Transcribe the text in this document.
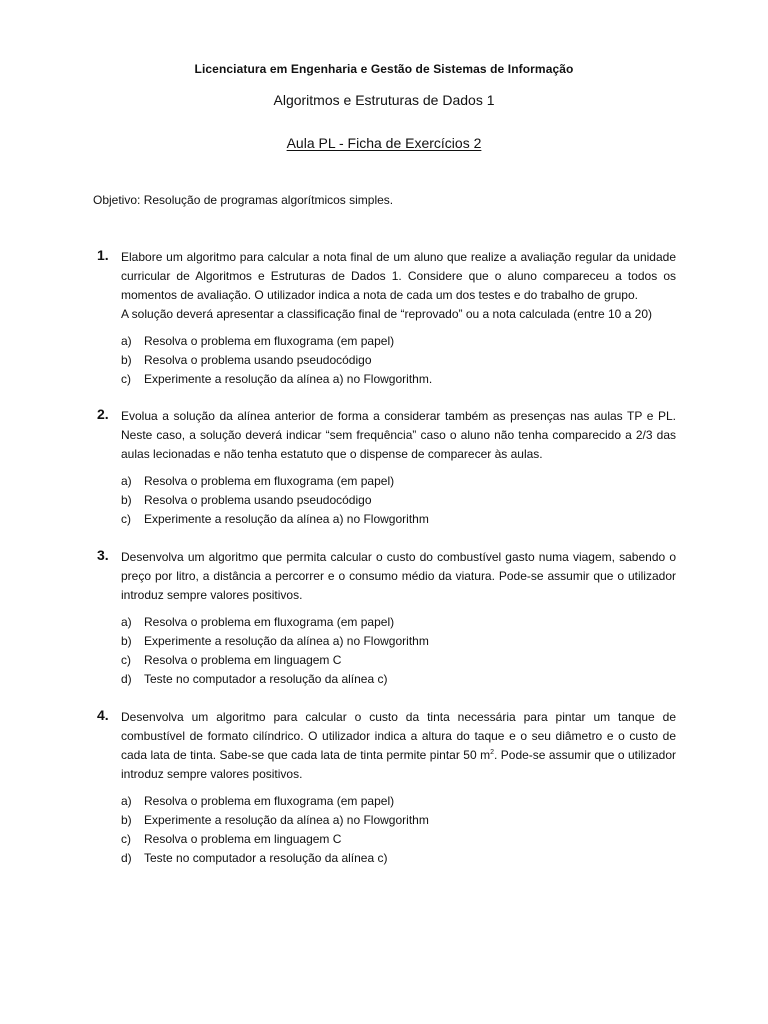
Licenciatura em Engenharia e Gestão de Sistemas de Informação
Algoritmos e Estruturas de Dados 1
Aula PL - Ficha de Exercícios 2
Objetivo: Resolução de programas algorítmicos simples.
1. Elabore um algoritmo para calcular a nota final de um aluno que realize a avaliação regular da unidade curricular de Algoritmos e Estruturas de Dados 1. Considere que o aluno compareceu a todos os momentos de avaliação. O utilizador indica a nota de cada um dos testes e do trabalho de grupo.
A solução deverá apresentar a classificação final de “reprovado” ou a nota calculada (entre 10 a 20)
a) Resolva o problema em fluxograma (em papel)
b) Resolva o problema usando pseudocódigo
c) Experimente a resolução da alínea a) no Flowgorithm.
2. Evolua a solução da alínea anterior de forma a considerar também as presenças nas aulas TP e PL. Neste caso, a solução deverá indicar “sem frequência” caso o aluno não tenha comparecido a 2/3 das aulas lecionadas e não tenha estatuto que o dispense de comparecer às aulas.
a) Resolva o problema em fluxograma (em papel)
b) Resolva o problema usando pseudocódigo
c) Experimente a resolução da alínea a) no Flowgorithm
3. Desenvolva um algoritmo que permita calcular o custo do combustível gasto numa viagem, sabendo o preço por litro, a distância a percorrer e o consumo médio da viatura. Pode-se assumir que o utilizador introduz sempre valores positivos.
a) Resolva o problema em fluxograma (em papel)
b) Experimente a resolução da alínea a) no Flowgorithm
c) Resolva o problema em linguagem C
d) Teste no computador a resolução da alínea c)
4. Desenvolva um algoritmo para calcular o custo da tinta necessária para pintar um tanque de combustível de formato cilíndrico. O utilizador indica a altura do taque e o seu diâmetro e o custo de cada lata de tinta. Sabe-se que cada lata de tinta permite pintar 50 $m^2$. Pode-se assumir que o utilizador introduz sempre valores positivos.
a) Resolva o problema em fluxograma (em papel)
b) Experimente a resolução da alínea a) no Flowgorithm
c) Resolva o problema em linguagem C
d) Teste no computador a resolução da alínea c)
